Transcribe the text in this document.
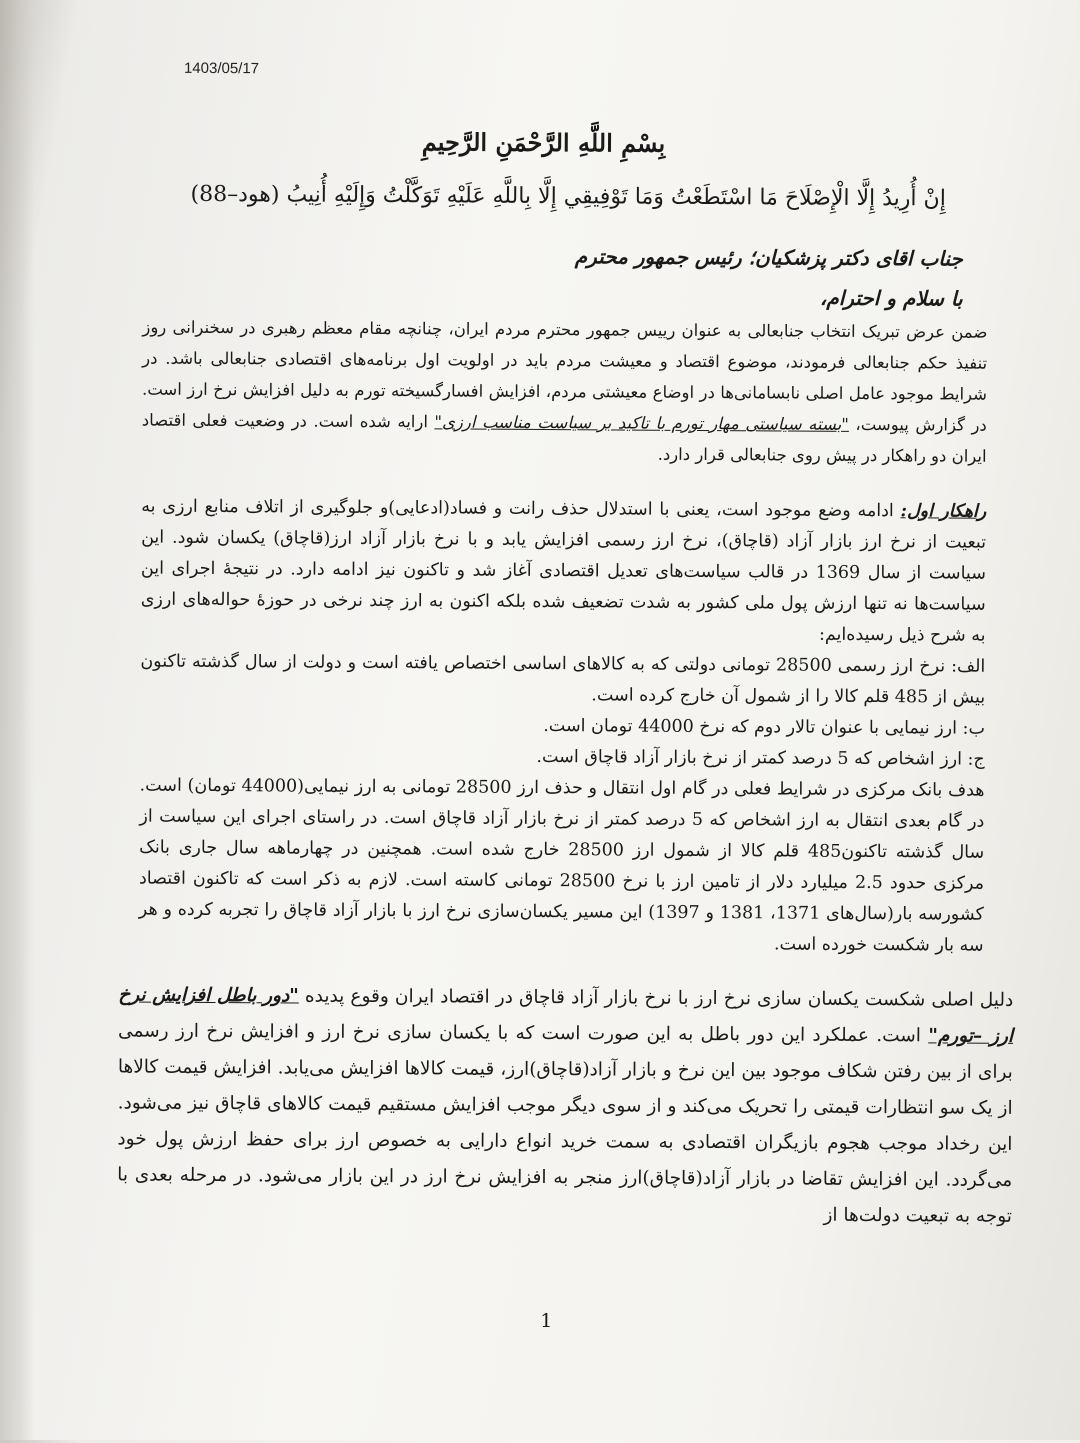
1403/05/17
بِسْمِ اللَّهِ الرَّحْمَنِ الرَّحِيمِ
إِنْ أُرِيدُ إِلَّا الْإِصْلَاحَ مَا اسْتَطَعْتُ وَمَا تَوْفِيقِي إِلَّا بِاللَّهِ عَلَيْهِ تَوَكَّلْتُ وَإِلَيْهِ أُنِيبُ (هود–88)
جناب اقای دکتر پزشکیان؛ رئیس جمهور محترم
با سلام و احترام،
ضمن عرض تبریک انتخاب جنابعالی به عنوان رییس جمهور محترم مردم ایران، چنانچه مقام معظم رهبری در سخنرانی روز تنفیذ حکم جنابعالی فرمودند، موضوع اقتصاد و معیشت مردم باید در اولویت اول برنامه‌های اقتصادی جنابعالی باشد. در شرایط موجود عامل اصلی نابسامانی‌ها در اوضاع معیشتی مردم، افزایش افسارگسیخته تورم به دلیل افزایش نرخ ارز است. در گزارش پیوست، "بسته سیاستی مهار تورم با تاکید بر سیاست مناسب ارزی" ارایه شده است. در وضعیت فعلی اقتصاد ایران دو راهکار در پیش روی جنابعالی قرار دارد.
راهکار اول: ادامه وضع موجود است، یعنی با استدلال حذف رانت و فساد(ادعایی)و جلوگیری از اتلاف منابع ارزی به تبعیت از نرخ ارز بازار آزاد (قاچاق)، نرخ ارز رسمی افزایش یابد و با نرخ بازار آزاد ارز(قاچاق) یکسان شود. این سیاست از سال 1369 در قالب سیاست‌های تعدیل اقتصادی آغاز شد و تاکنون نیز ادامه دارد. در نتیجهٔ اجرای این سیاست‌ها نه تنها ارزش پول ملی کشور به شدت تضعیف شده بلکه اکنون به ارز چند نرخی در حوزهٔ حواله‌های ارزی به شرح ذیل رسیده‌ایم:
الف: نرخ ارز رسمی 28500 تومانی دولتی که به کالاهای اساسی اختصاص یافته است و دولت از سال گذشته تاکنون بیش از 485 قلم کالا را از شمول آن خارج کرده است.
ب: ارز نیمایی با عنوان تالار دوم که نرخ 44000 تومان است.
ج: ارز اشخاص که 5 درصد کمتر از نرخ بازار آزاد قاچاق است.
هدف بانک مرکزی در شرایط فعلی در گام اول انتقال و حذف ارز 28500 تومانی به ارز نیمایی(44000 تومان) است. در گام بعدی انتقال به ارز اشخاص که 5 درصد کمتر از نرخ بازار آزاد قاچاق است. در راستای اجرای این سیاست از سال گذشته تاکنون485 قلم کالا از شمول ارز 28500 خارج شده است. همچنین در چهارماهه سال جاری بانک مرکزی حدود 2.5 میلیارد دلار از تامین ارز با نرخ 28500 تومانی کاسته است. لازم به ذکر است که تاکنون اقتصاد کشورسه بار(سال‌های 1371، 1381 و 1397) این مسیر یکسان‌سازی نرخ ارز با بازار آزاد قاچاق را تجربه کرده و هر سه بار شکست خورده است.
دلیل اصلی شکست یکسان سازی نرخ ارز با نرخ بازار آزاد قاچاق در اقتصاد ایران وقوع پدیده "دور باطل افزایش نرخ ارز –تورم" است. عملکرد این دور باطل به این صورت است که با یکسان سازی نرخ ارز و افزایش نرخ ارز رسمی برای از بین رفتن شکاف موجود بین این نرخ و بازار آزاد(قاچاق)ارز، قیمت کالاها افزایش می‌یابد. افزایش قیمت کالاها از یک سو انتظارات قیمتی را تحریک می‌کند و از سوی دیگر موجب افزایش مستقیم قیمت کالاهای قاچاق نیز می‌شود. این رخداد موجب هجوم بازیگران اقتصادی به سمت خرید انواع دارایی به خصوص ارز برای حفظ ارزش پول خود می‌گردد. این افزایش تقاضا در بازار آزاد(قاچاق)ارز منجر به افزایش نرخ ارز در این بازار می‌شود. در مرحله بعدی با توجه به تبعیت دولت‌ها از
1
